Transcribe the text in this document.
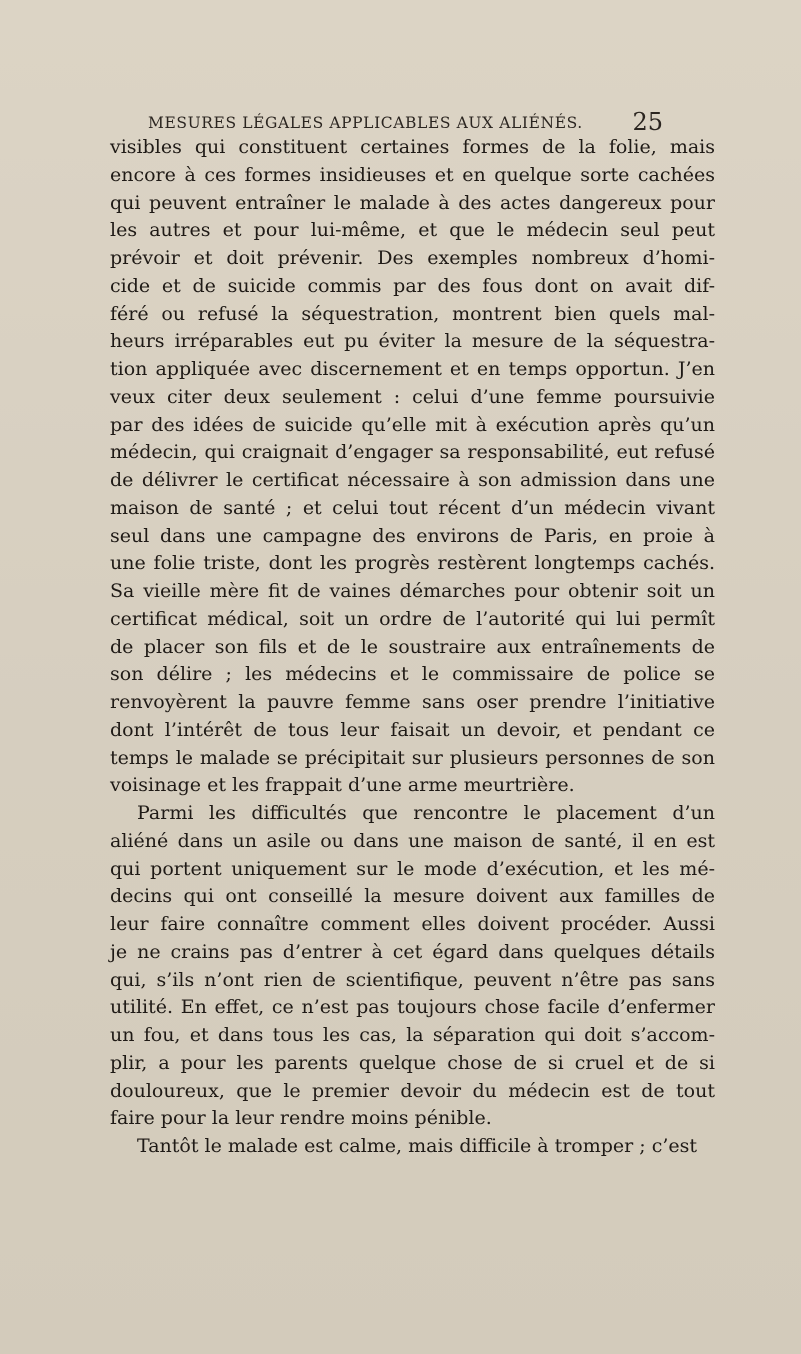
MESURES LÉGALES APPLICABLES AUX ALIÉNÉS. 25
visibles qui constituent certaines formes de la folie, mais
encore à ces formes insidieuses et en quelque sorte cachées
qui peuvent entraîner le malade à des actes dangereux pour
les autres et pour lui-même, et que le médecin seul peut
prévoir et doit prévenir. Des exemples nombreux d’homi-
cide et de suicide commis par des fous dont on avait dif-
féré ou refusé la séquestration, montrent bien quels mal-
heurs irréparables eut pu éviter la mesure de la séquestra-
tion appliquée avec discernement et en temps opportun. J’en
veux citer deux seulement : celui d’une femme poursuivie
par des idées de suicide qu’elle mit à exécution après qu’un
médecin, qui craignait d’engager sa responsabilité, eut refusé
de délivrer le certificat nécessaire à son admission dans une
maison de santé ; et celui tout récent d’un médecin vivant
seul dans une campagne des environs de Paris, en proie à
une folie triste, dont les progrès restèrent longtemps cachés.
Sa vieille mère fit de vaines démarches pour obtenir soit un
certificat médical, soit un ordre de l’autorité qui lui permît
de placer son fils et de le soustraire aux entraînements de
son délire ; les médecins et le commissaire de police se
renvoyèrent la pauvre femme sans oser prendre l’initiative
dont l’intérêt de tous leur faisait un devoir, et pendant ce
temps le malade se précipitait sur plusieurs personnes de son
voisinage et les frappait d’une arme meurtrière.
Parmi les difficultés que rencontre le placement d’un
aliéné dans un asile ou dans une maison de santé, il en est
qui portent uniquement sur le mode d’exécution, et les mé-
decins qui ont conseillé la mesure doivent aux familles de
leur faire connaître comment elles doivent procéder. Aussi
je ne crains pas d’entrer à cet égard dans quelques détails
qui, s’ils n’ont rien de scientifique, peuvent n’être pas sans
utilité. En effet, ce n’est pas toujours chose facile d’enfermer
un fou, et dans tous les cas, la séparation qui doit s’accom-
plir, a pour les parents quelque chose de si cruel et de si
douloureux, que le premier devoir du médecin est de tout
faire pour la leur rendre moins pénible.
Tantôt le malade est calme, mais difficile à tromper ; c’est
